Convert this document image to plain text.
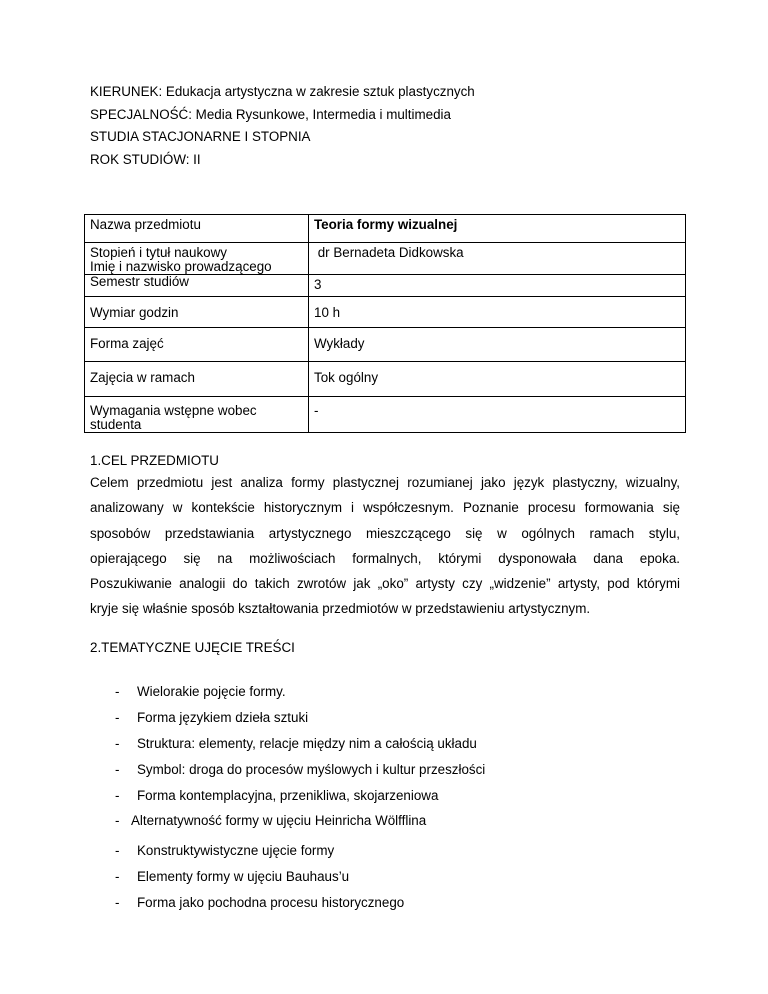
KIERUNEK: Edukacja artystyczna w zakresie sztuk plastycznych
SPECJALNOŚĆ: Media Rysunkowe, Intermedia i multimedia
STUDIA STACJONARNE I STOPNIA
ROK STUDIÓW: II
Nazwa przedmiotu	Teoria formy wizualnej

Stopień i tytuł naukowy
Imię i nazwisko prowadzącego	dr Bernadeta Didkowska
Semestr studiów	3
Wymiar godzin	10 h
Forma zajęć	Wykłady
Zajęcia w ramach	Tok ogólny

Wymagania wstępne wobec
studenta	-
1.CEL PRZEDMIOTU
Celem przedmiotu jest analiza formy plastycznej rozumianej jako język plastyczny, wizualny,
analizowany w kontekście historycznym i współczesnym. Poznanie procesu formowania się
sposobów przedstawiania artystycznego mieszczącego się w ogólnych ramach stylu,
opierającego się na możliwościach formalnych, którymi dysponowała dana epoka.
Poszukiwanie analogii do takich zwrotów jak „oko” artysty czy „widzenie” artysty, pod którymi
kryje się właśnie sposób kształtowania przedmiotów w przedstawieniu artystycznym.
2.TEMATYCZNE UJĘCIE TREŚCI
- Wielorakie pojęcie formy.
- Forma językiem dzieła sztuki
- Struktura: elementy, relacje między nim a całością układu
- Symbol: droga do procesów myślowych i kultur przeszłości
- Forma kontemplacyjna, przenikliwa, skojarzeniowa
- Alternatywność formy w ujęciu Heinricha Wölfflina
- Konstruktywistyczne ujęcie formy
- Elementy formy w ujęciu Bauhaus’u
- Forma jako pochodna procesu historycznego
